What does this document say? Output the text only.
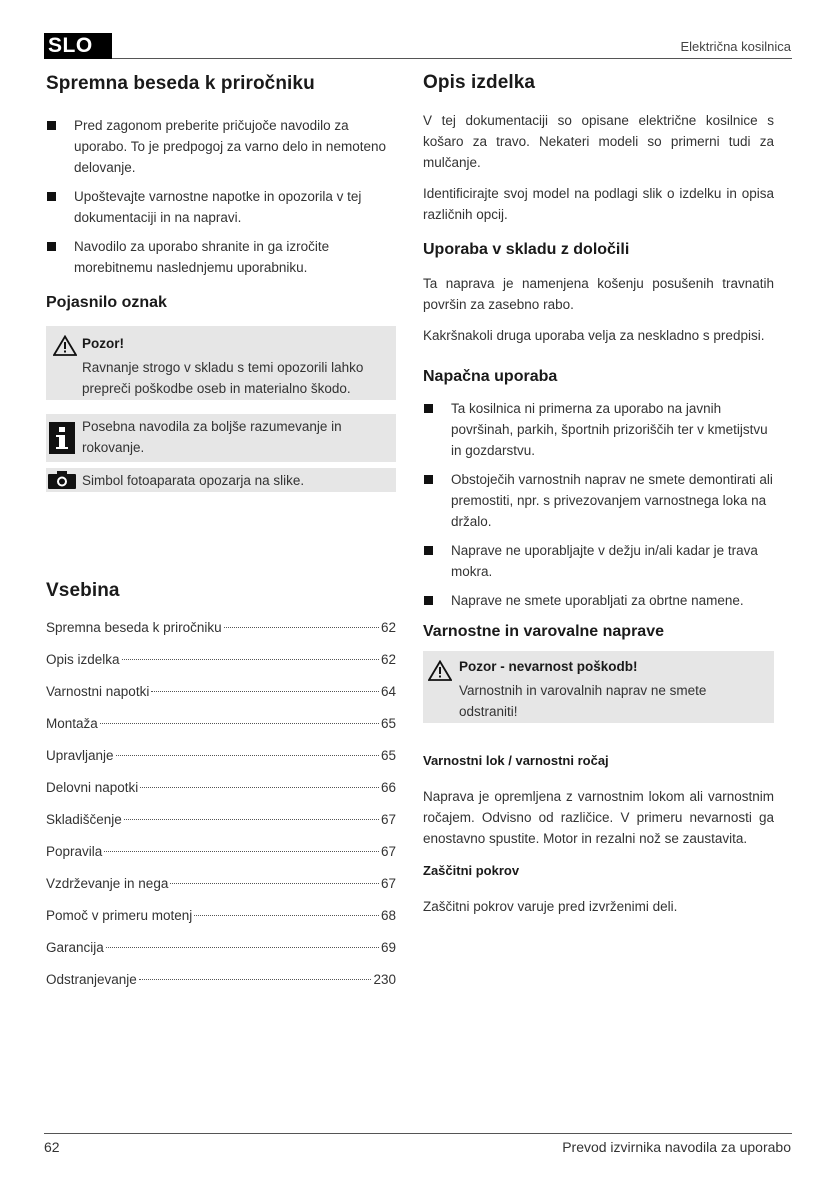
SLO	Električna kosilnica
Spremna beseda k priročniku
Pred zagonom preberite pričujoče navodilo za uporabo. To je predpogoj za varno delo in nemoteno delovanje.
Upoštevajte varnostne napotke in opozorila v tej dokumentaciji in na napravi.
Navodilo za uporabo shranite in ga izročite morebitnemu naslednjemu uporabniku.
Pojasnilo oznak
Pozor!
Ravnanje strogo v skladu s temi opozorili lahko prepreči poškodbe oseb in materialno škodo.
Posebna navodila za boljše razumevanje in rokovanje.
Simbol fotoaparata opozarja na slike.
Vsebina
Spremna beseda k priročniku	62
Opis izdelka	62
Varnostni napotki	64
Montaža	65
Upravljanje	65
Delovni napotki	66
Skladiščenje	67
Popravila	67
Vzdrževanje in nega	67
Pomoč v primeru motenj	68
Garancija	69
Odstranjevanje	230
Opis izdelka

V tej dokumentaciji so opisane električne kosilnice s košaro za travo. Nekateri modeli so primerni tudi za mulčanje.

Identificirajte svoj model na podlagi slik o izdelku in opisa različnih opcij.

Uporaba v skladu z določili

Ta naprava je namenjena košenju posušenih travnatih površin za zasebno rabo.

Kakršnakoli druga uporaba velja za neskladno s predpisi.

Napačna uporaba
Ta kosilnica ni primerna za uporabo na javnih površinah, parkih, športnih prizoriščih ter v kmetijstvu in gozdarstvu.
Obstoječih varnostnih naprav ne smete demontirati ali premostiti, npr. s privezovanjem varnostnega loka na držalo.
Naprave ne uporabljajte v dežju in/ali kadar je trava mokra.
Naprave ne smete uporabljati za obrtne namene.
Varnostne in varovalne naprave
Pozor - nevarnost poškodb!
Varnostnih in varovalnih naprav ne smete odstraniti!
Varnostni lok / varnostni ročaj

Naprava je opremljena z varnostnim lokom ali varnostnim ročajem. Odvisno od različice. V primeru nevarnosti ga enostavno spustite. Motor in rezalni nož se zaustavita.

Zaščitni pokrov

Zaščitni pokrov varuje pred izvrženimi deli.

62	Prevod izvirnika navodila za uporabo
